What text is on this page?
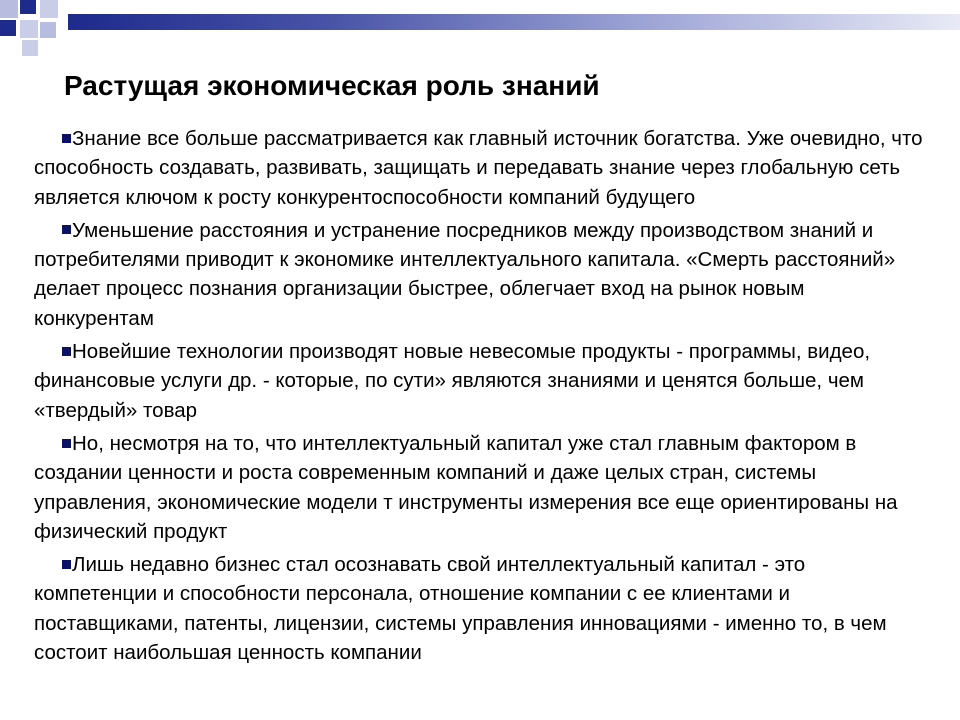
Растущая экономическая роль знаний

Знание все больше рассматривается как главный источник богатства. Уже очевидно, что способность создавать, развивать, защищать и передавать знание через глобальную сеть является ключом к росту конкурентоспособности компаний будущего

Уменьшение расстояния и устранение посредников между производством знаний и потребителями приводит к экономике интеллектуального капитала. «Смерть расстояний» делает процесс познания организации быстрее, облегчает вход на рынок новым конкурентам

Новейшие технологии производят новые невесомые продукты - программы, видео, финансовые услуги др. - которые, по сути» являются знаниями и ценятся больше, чем «твердый» товар

Но, несмотря на то, что интеллектуальный капитал уже стал главным фактором в создании ценности и роста современным компаний и даже целых стран, системы управления, экономические модели т инструменты измерения все еще ориентированы на физический продукт

Лишь недавно бизнес стал осознавать свой интеллектуальный капитал - это компетенции и способности персонала, отношение компании с ее клиентами и поставщиками, патенты, лицензии, системы управления инновациями - именно то, в чем состоит наибольшая ценность компании
